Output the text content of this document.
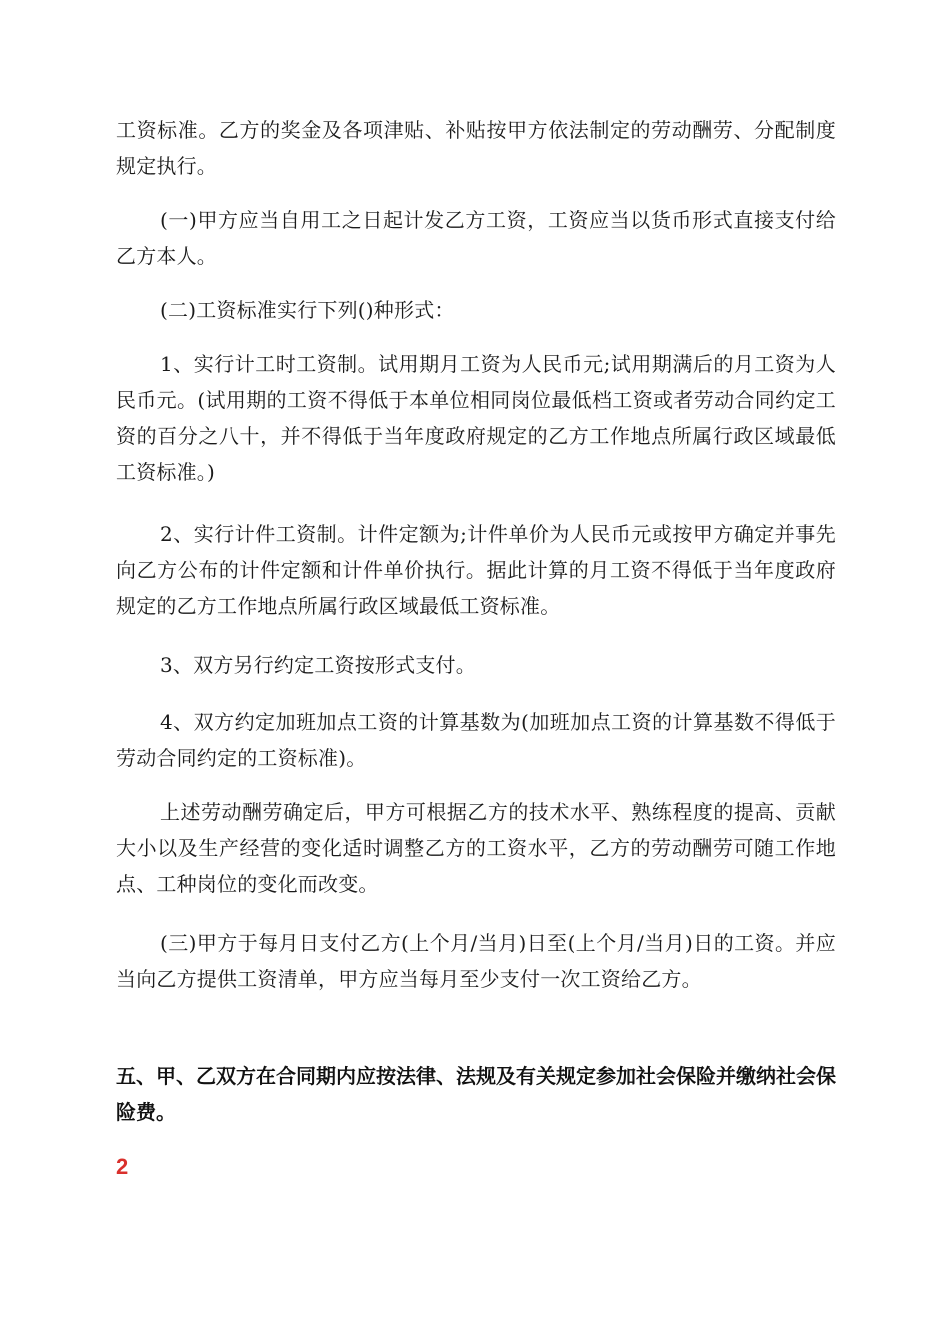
工资标准。乙方的奖金及各项津贴、补贴按甲方依法制定的劳动酬劳、分配制度规定执行。

(一)甲方应当自用工之日起计发乙方工资，工资应当以货币形式直接支付给乙方本人。

(二)工资标准实行下列()种形式：

1、实行计工时工资制。试用期月工资为人民币元;试用期满后的月工资为人民币元。(试用期的工资不得低于本单位相同岗位最低档工资或者劳动合同约定工资的百分之八十，并不得低于当年度政府规定的乙方工作地点所属行政区域最低工资标准。)

2、实行计件工资制。计件定额为;计件单价为人民币元或按甲方确定并事先向乙方公布的计件定额和计件单价执行。据此计算的月工资不得低于当年度政府规定的乙方工作地点所属行政区域最低工资标准。

3、双方另行约定工资按形式支付。

4、双方约定加班加点工资的计算基数为(加班加点工资的计算基数不得低于劳动合同约定的工资标准)。

上述劳动酬劳确定后，甲方可根据乙方的技术水平、熟练程度的提高、贡献大小以及生产经营的变化适时调整乙方的工资水平，乙方的劳动酬劳可随工作地点、工种岗位的变化而改变。

(三)甲方于每月日支付乙方(上个月/当月)日至(上个月/当月)日的工资。并应当向乙方提供工资清单，甲方应当每月至少支付一次工资给乙方。

五、甲、乙双方在合同期内应按法律、法规及有关规定参加社会保险并缴纳社会保险费。
2
